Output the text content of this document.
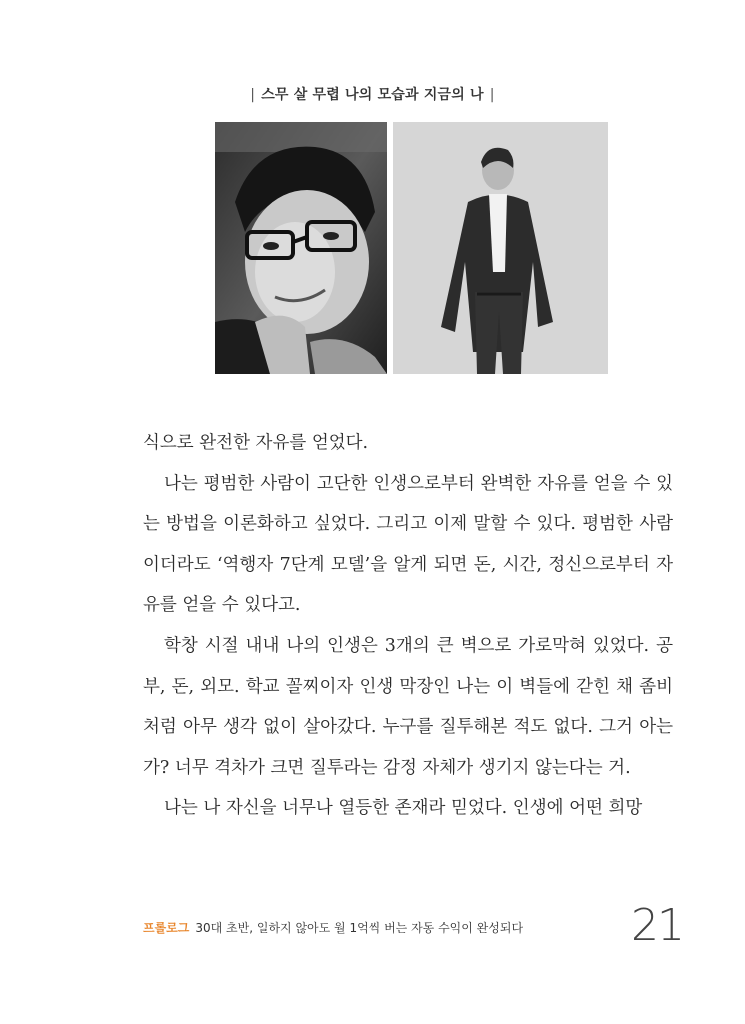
| 스무 살 무렵 나의 모습과 지금의 나 |

식으로 완전한 자유를 얻었다.

나는 평범한 사람이 고단한 인생으로부터 완벽한 자유를 얻을 수 있는 방법을 이론화하고 싶었다. 그리고 이제 말할 수 있다. 평범한 사람이더라도 ‘역행자 7단계 모델’을 알게 되면 돈, 시간, 정신으로부터 자유를 얻을 수 있다고.

학창 시절 내내 나의 인생은 3개의 큰 벽으로 가로막혀 있었다. 공부, 돈, 외모. 학교 꼴찌이자 인생 막장인 나는 이 벽들에 갇힌 채 좀비처럼 아무 생각 없이 살아갔다. 누구를 질투해본 적도 없다. 그거 아는가? 너무 격차가 크면 질투라는 감정 자체가 생기지 않는다는 거.

나는 나 자신을 너무나 열등한 존재라 믿었다. 인생에 어떤 희망

프롤로그 30대 초반, 일하지 않아도 월 1억씩 버는 자동 수익이 완성되다 21
